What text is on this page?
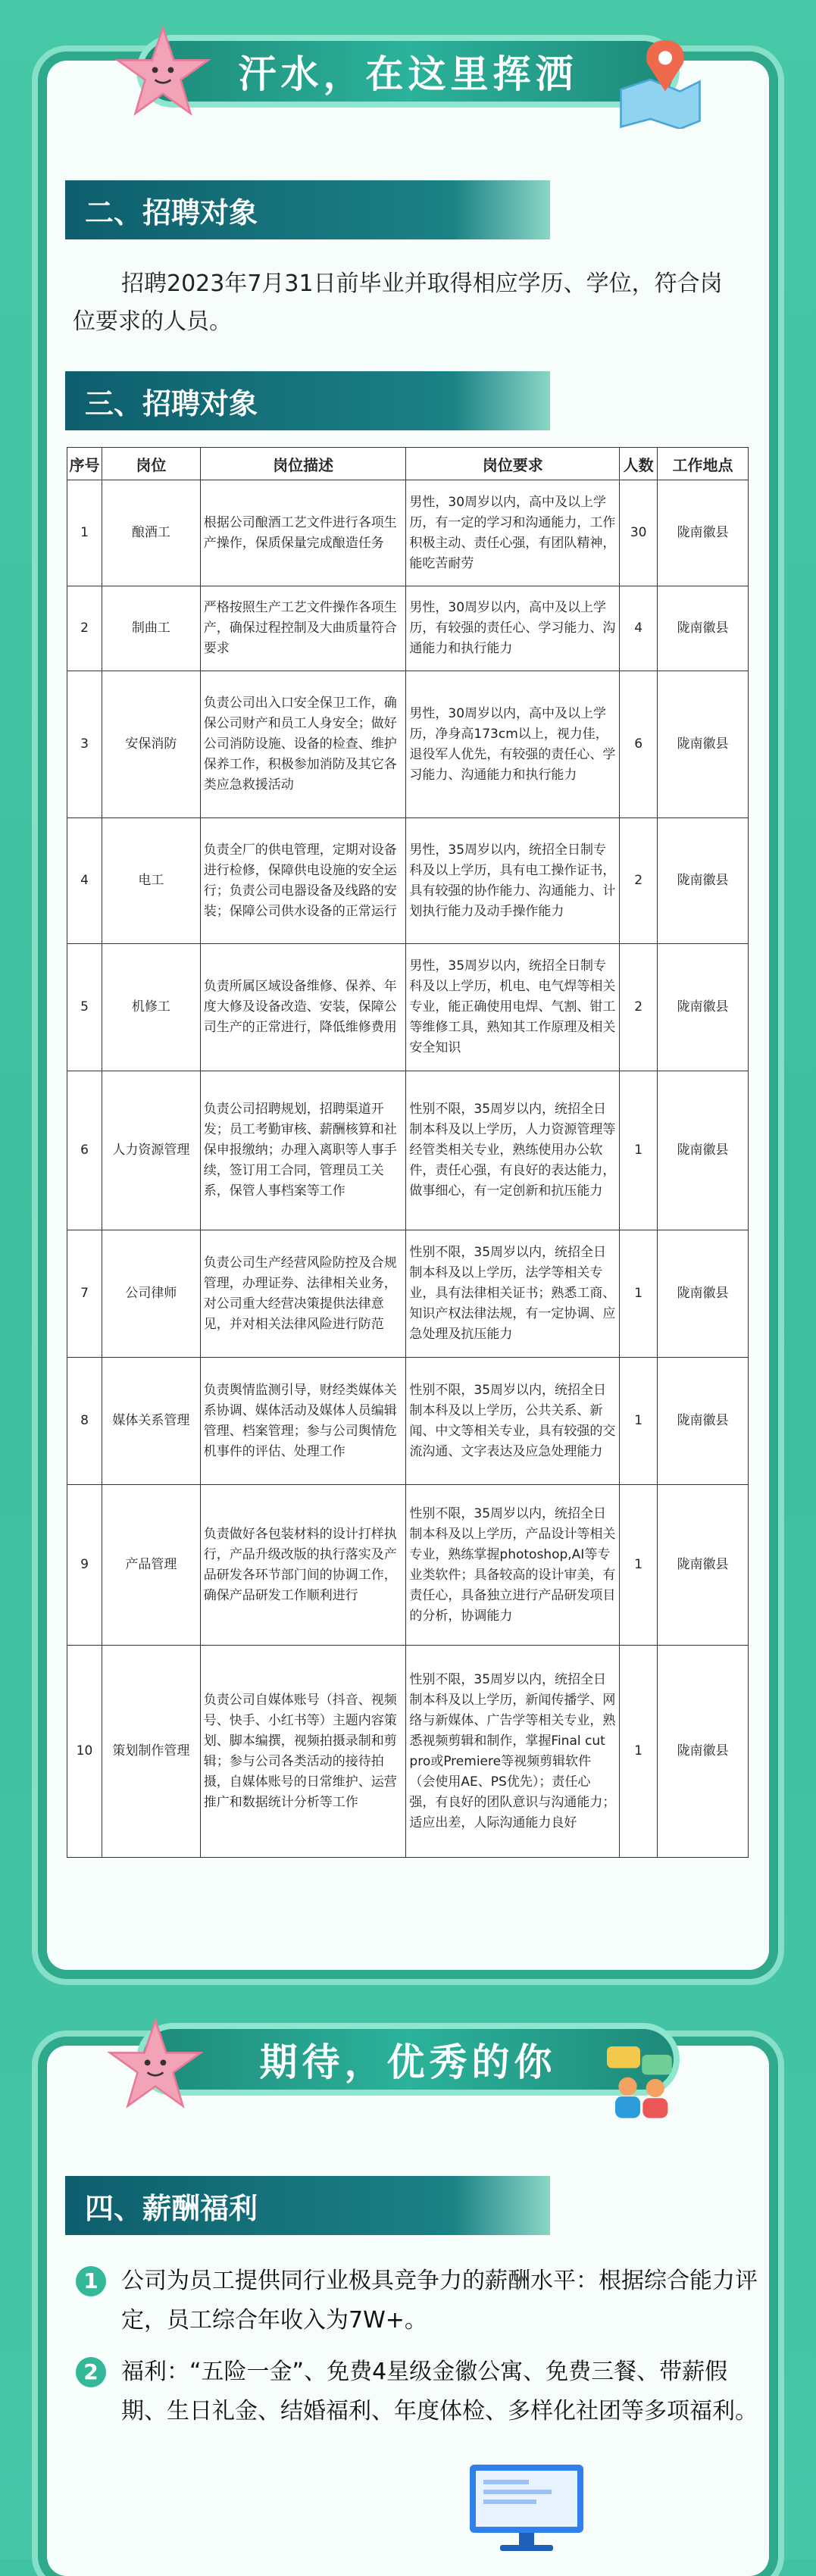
汗水，在这里挥洒
二、招聘对象
招聘2023年7月31日前毕业并取得相应学历、学位，符合岗位要求的人员。
三、招聘对象
序号	岗位	岗位描述	岗位要求	人数	工作地点
1	酿酒工	根据公司酿酒工艺文件进行各项生产操作，保质保量完成酿造任务	男性，30周岁以内，高中及以上学历，有一定的学习和沟通能力，工作积极主动、责任心强，有团队精神，能吃苦耐劳	30	陇南徽县
2	制曲工	严格按照生产工艺文件操作各项生产，确保过程控制及大曲质量符合要求	男性，30周岁以内，高中及以上学历，有较强的责任心、学习能力、沟通能力和执行能力	4	陇南徽县
3	安保消防	负责公司出入口安全保卫工作，确保公司财产和员工人身安全；做好公司消防设施、设备的检查、维护保养工作，积极参加消防及其它各类应急救援活动	男性，30周岁以内，高中及以上学历，净身高173cm以上，视力佳，退役军人优先，有较强的责任心、学习能力、沟通能力和执行能力	6	陇南徽县
4	电工	负责全厂的供电管理，定期对设备进行检修，保障供电设施的安全运行；负责公司电器设备及线路的安装；保障公司供水设备的正常运行	男性，35周岁以内，统招全日制专科及以上学历，具有电工操作证书，具有较强的协作能力、沟通能力、计划执行能力及动手操作能力	2	陇南徽县
5	机修工	负责所属区域设备维修、保养、年度大修及设备改造、安装，保障公司生产的正常进行，降低维修费用	男性，35周岁以内，统招全日制专科及以上学历，机电、电气焊等相关专业，能正确使用电焊、气割、钳工等维修工具，熟知其工作原理及相关安全知识	2	陇南徽县
6	人力资源管理	负责公司招聘规划，招聘渠道开发；员工考勤审核、薪酬核算和社保申报缴纳；办理入离职等人事手续，签订用工合同，管理员工关系，保管人事档案等工作	性别不限，35周岁以内，统招全日制本科及以上学历，人力资源管理等经管类相关专业，熟练使用办公软件，责任心强，有良好的表达能力，做事细心，有一定创新和抗压能力	1	陇南徽县
7	公司律师	负责公司生产经营风险防控及合规管理，办理证券、法律相关业务，对公司重大经营决策提供法律意见，并对相关法律风险进行防范	性别不限，35周岁以内，统招全日制本科及以上学历，法学等相关专业，具有法律相关证书；熟悉工商、知识产权法律法规，有一定协调、应急处理及抗压能力	1	陇南徽县
8	媒体关系管理	负责舆情监测引导，财经类媒体关系协调、媒体活动及媒体人员编辑管理、档案管理；参与公司舆情危机事件的评估、处理工作	性别不限，35周岁以内，统招全日制本科及以上学历，公共关系、新闻、中文等相关专业，具有较强的交流沟通、文字表达及应急处理能力	1	陇南徽县
9	产品管理	负责做好各包装材料的设计打样执行，产品升级改版的执行落实及产品研发各环节部门间的协调工作，确保产品研发工作顺利进行	性别不限，35周岁以内，统招全日制本科及以上学历，产品设计等相关专业，熟练掌握photoshop,AI等专业类软件；具备较高的设计审美，有责任心，具备独立进行产品研发项目的分析，协调能力	1	陇南徽县
10	策划制作管理	负责公司自媒体账号（抖音、视频号、快手、小红书等）主题内容策划、脚本编撰，视频拍摄录制和剪辑；参与公司各类活动的接待拍摄，自媒体账号的日常维护、运营推广和数据统计分析等工作	性别不限，35周岁以内，统招全日制本科及以上学历，新闻传播学、网络与新媒体、广告学等相关专业，熟悉视频剪辑和制作，掌握Final cut pro或Premiere等视频剪辑软件（会使用AE、PS优先）；责任心强，有良好的团队意识与沟通能力；适应出差，人际沟通能力良好	1	陇南徽县
期待，优秀的你
四、薪酬福利
1	公司为员工提供同行业极具竞争力的薪酬水平：根据综合能力评定，员工综合年收入为7W+。
2	福利：“五险一金”、免费4星级金徽公寓、免费三餐、带薪假期、生日礼金、结婚福利、年度体检、多样化社团等多项福利。
